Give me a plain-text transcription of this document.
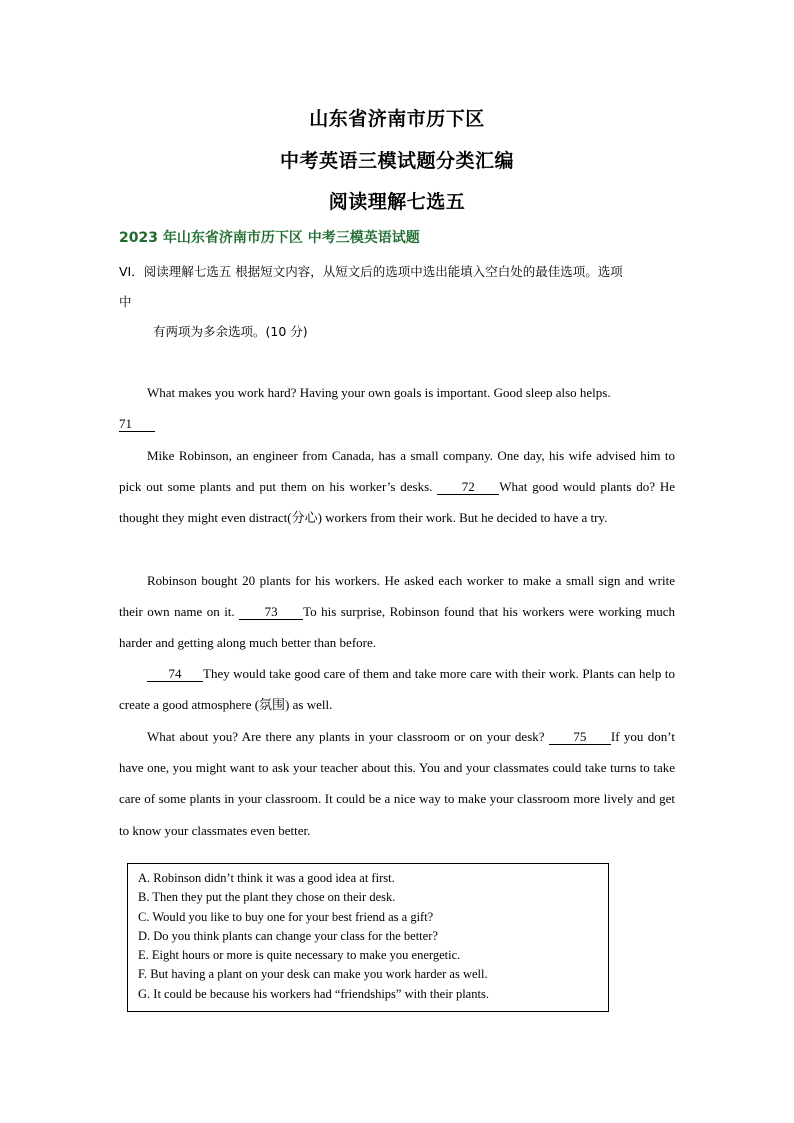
山东省济南市历下区
中考英语三模试题分类汇编
阅读理解七选五
2023 年山东省济南市历下区 中考三模英语试题
VI．阅读理解七选五 根据短文内容，从短文后的选项中选出能填入空白处的最佳选项。选项
中
有两项为多余选项。(10 分)
What makes you work hard? Having your own goals is important. Good sleep also helps.
71
Mike Robinson, an engineer from Canada, has a small company. One day, his wife advised him to pick out some plants and put them on his worker’s desks. 72 What good would plants do? He thought they might even distract(分心) workers from their work. But he decided to have a try.
Robinson bought 20 plants for his workers. He asked each worker to make a small sign and write their own name on it. 73 To his surprise, Robinson found that his workers were working much harder and getting along much better than before.
74 They would take good care of them and take more care with their work. Plants can help to create a good atmosphere (氛围) as well.
What about you? Are there any plants in your classroom or on your desk? 75 If you don’t have one, you might want to ask your teacher about this. You and your classmates could take turns to take care of some plants in your classroom. It could be a nice way to make your classroom more lively and get to know your classmates even better.
A. Robinson didn’t think it was a good idea at first.
B. Then they put the plant they chose on their desk.
C. Would you like to buy one for your best friend as a gift?
D. Do you think plants can change your class for the better?
E. Eight hours or more is quite necessary to make you energetic.
F. But having a plant on your desk can make you work harder as well.
G. It could be because his workers had “friendships” with their plants.
